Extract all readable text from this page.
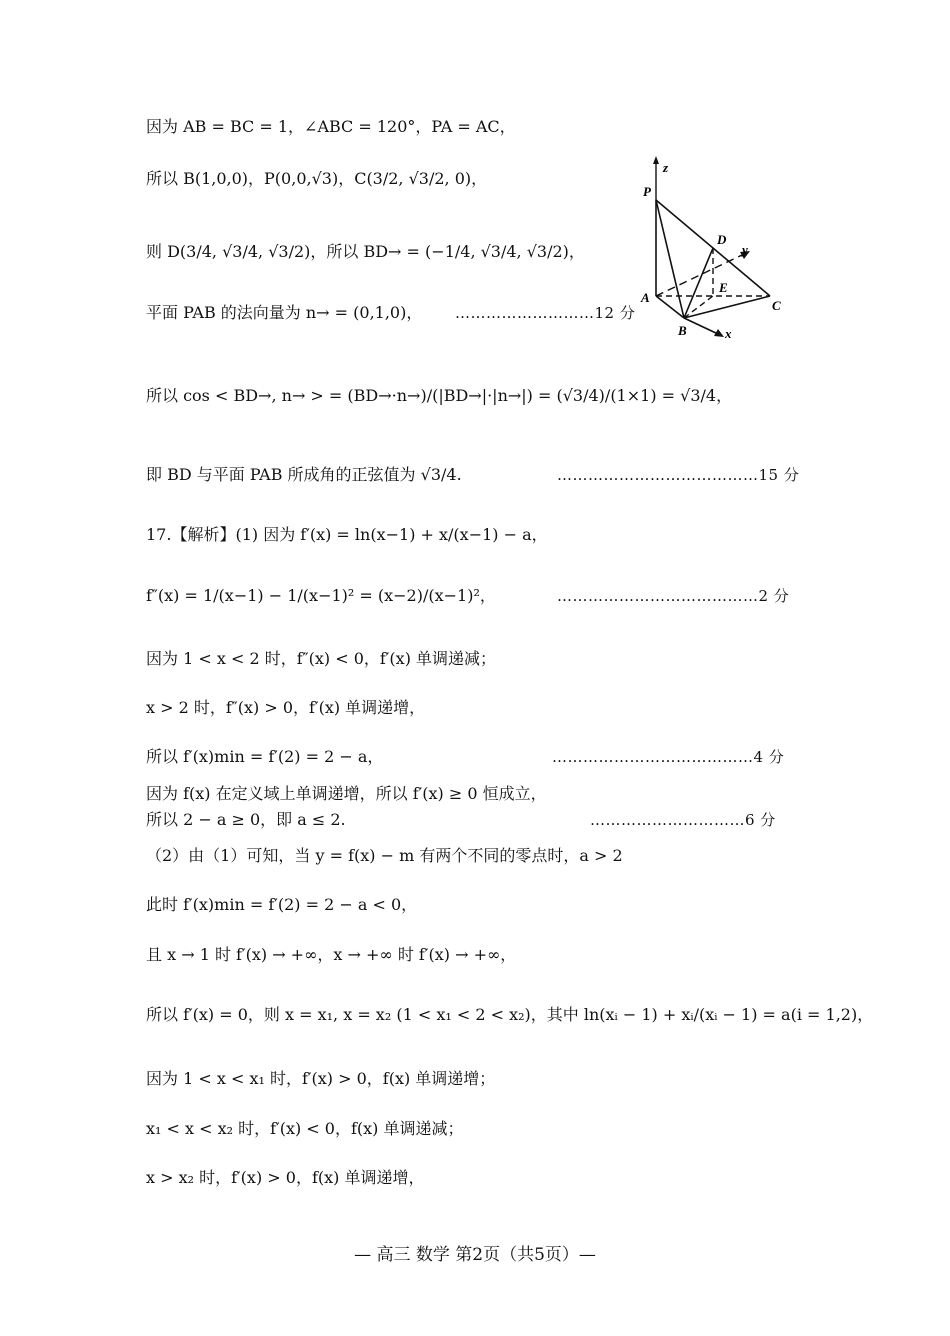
因为 AB = BC = 1，∠ABC = 120°，PA = AC，
所以 B(1,0,0)，P(0,0,√3)，C(3/2, √3/2, 0)，
则 D(3/4, √3/4, √3/2)，所以 BD→ = (−1/4, √3/4, √3/2)，
平面 PAB 的法向量为 n→ = (0,1,0)，
所以 cos < BD→, n→ > = (BD→·n→)/(|BD→|·|n→|) = (√3/4)/(1×1) = √3/4，
即 BD 与平面 PAB 所成角的正弦值为 √3/4.
17.【解析】(1) 因为 f′(x) = ln(x−1) + x/(x−1) − a，
f″(x) = 1/(x−1) − 1/(x−1)² = (x−2)/(x−1)²，
因为 1 < x < 2 时，f″(x) < 0，f′(x) 单调递减；
x > 2 时，f″(x) > 0，f′(x) 单调递增，
所以 f′(x)min = f′(2) = 2 − a，
因为 f(x) 在定义域上单调递增，所以 f′(x) ≥ 0 恒成立，
所以 2 − a ≥ 0，即 a ≤ 2.
（2）由（1）可知，当 y = f(x) − m 有两个不同的零点时，a > 2
此时 f′(x)min = f′(2) = 2 − a < 0，
且 x → 1 时 f′(x) → +∞，x → +∞ 时 f′(x) → +∞，
所以 f′(x) = 0，则 x = x₁, x = x₂ (1 < x₁ < 2 < x₂)，其中 ln(xᵢ − 1) + xᵢ/(xᵢ − 1) = a(i = 1,2)，
因为 1 < x < x₁ 时，f′(x) > 0，f(x) 单调递增；
x₁ < x < x₂ 时，f′(x) < 0，f(x) 单调递减；
x > x₂ 时，f′(x) > 0，f(x) 单调递增，
………………………12 分
…………………………………15 分
…………………………………2 分
…………………………………4 分
…………………………6 分
z
P
D
y
A
E
C
B	x
— 高三 数学 第2页（共5页）—
